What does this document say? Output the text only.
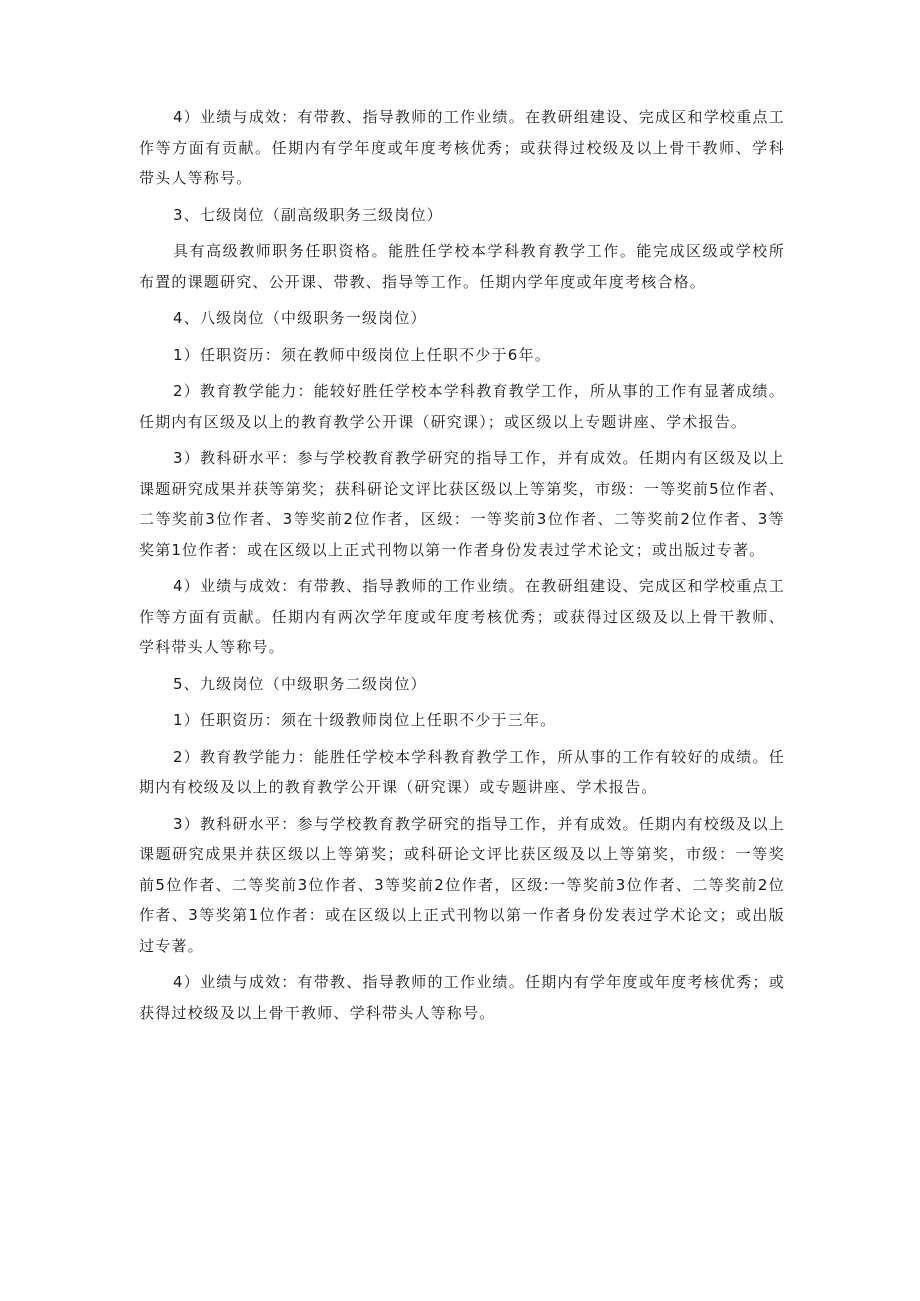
4）业绩与成效：有带教、指导教师的工作业绩。在教研组建设、完成区和学校重点工作等方面有贡献。任期内有学年度或年度考核优秀；或获得过校级及以上骨干教师、学科带头人等称号。

3、七级岗位（副高级职务三级岗位）

具有高级教师职务任职资格。能胜任学校本学科教育教学工作。能完成区级或学校所布置的课题研究、公开课、带教、指导等工作。任期内学年度或年度考核合格。

4、八级岗位（中级职务一级岗位）

1）任职资历：须在教师中级岗位上任职不少于6年。

2）教育教学能力：能较好胜任学校本学科教育教学工作，所从事的工作有显著成绩。任期内有区级及以上的教育教学公开课（研究课）；或区级以上专题讲座、学术报告。

3）教科研水平：参与学校教育教学研究的指导工作，并有成效。任期内有区级及以上课题研究成果并获等第奖；获科研论文评比获区级以上等第奖，市级：一等奖前5位作者、二等奖前3位作者、3等奖前2位作者，区级：一等奖前3位作者、二等奖前2位作者、3等奖第1位作者：或在区级以上正式刊物以第一作者身份发表过学术论文；或出版过专著。

4）业绩与成效：有带教、指导教师的工作业绩。在教研组建设、完成区和学校重点工作等方面有贡献。任期内有两次学年度或年度考核优秀；或获得过区级及以上骨干教师、学科带头人等称号。

5、九级岗位（中级职务二级岗位）

1）任职资历：须在十级教师岗位上任职不少于三年。

2）教育教学能力：能胜任学校本学科教育教学工作，所从事的工作有较好的成绩。任期内有校级及以上的教育教学公开课（研究课）或专题讲座、学术报告。

3）教科研水平：参与学校教育教学研究的指导工作，并有成效。任期内有校级及以上课题研究成果并获区级以上等第奖；或科研论文评比获区级及以上等第奖，市级：一等奖前5位作者、二等奖前3位作者、3等奖前2位作者，区级:一等奖前3位作者、二等奖前2位作者、3等奖第1位作者：或在区级以上正式刊物以第一作者身份发表过学术论文；或出版过专著。

4）业绩与成效：有带教、指导教师的工作业绩。任期内有学年度或年度考核优秀；或获得过校级及以上骨干教师、学科带头人等称号。
